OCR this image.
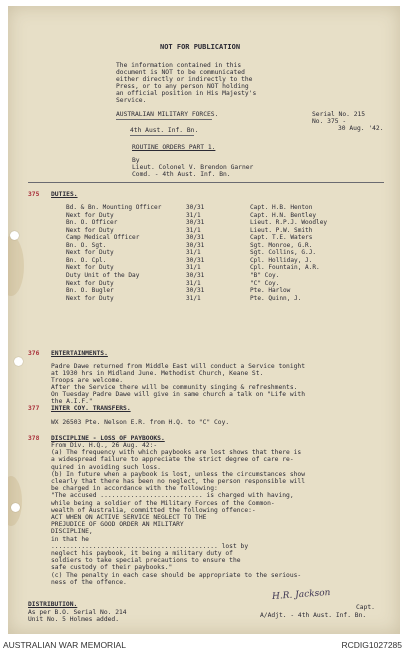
NOT FOR PUBLICATION
The information contained in this
document is NOT to be communicated
either directly or indirectly to the
Press, or to any person NOT holding
an official position in His Majesty's
Service.
AUSTRALIAN MILITARY FORCES.
4th Aust. Inf. Bn.
Serial No. 215
No. 375 -
30 Aug. '42.
ROUTINE ORDERS PART 1.
By
Lieut. Colonel V. Brendon Garner
Comd. - 4th Aust. Inf. Bn.
375 DUTIES.
376 ENTERTAINMENTS.
Padre Dawe returned from Middle East will conduct a Service tonight
at 1930 hrs in Midland June. Methodist Church, Keane St.
Troops are welcome.
After the Service there will be community singing & refreshments.
On Tuesday Padre Dawe will give in same church a talk on "Life with
the A.I.F."
377 INTER COY. TRANSFERS.
WX 26503 Pte. Nelson E.R. from H.Q. to "C" Coy.
378 DISCIPLINE - LOSS OF PAYBOOKS.
DISTRIBUTION.
As per B.O. Serial No. 214
Unit No. 5 Holmes added.
H.R. Jackson
Capt.
A/Adjt. - 4th Aust. Inf. Bn.
Bd. & Bn. Mounting Officer	30/31	Capt. H.B. Henton
Next for Duty	31/1	Capt. H.N. Bentley
Bn. O. Officer	30/31	Lieut. R.P.J. Woodley
Next for Duty	31/1	Lieut. P.W. Smith
Camp Medical Officer	30/31	Capt. T.E. Waters
Bn. O. Sgt.	30/31	Sgt. Monroe, G.R.
Next for Duty	31/1	Sgt. Collins, G.J.
Bn. O. Cpl.	30/31	Cpl. Holliday, J.
Next for Duty	31/1	Cpl. Fountain, A.R.
Duty Unit of the Day	30/31	"B" Coy.
Next for Duty	31/1	"C" Coy.
Bn. O. Bugler	30/31	Pte. Harlow
Next for Duty	31/1	Pte. Quinn, J.
From Div. H.Q., 26 Aug. 42:-
(a) The frequency with which paybooks are lost shows that there is
a widespread failure to appreciate the strict degree of care re-
quired in avoiding such loss.
(b) In future when a paybook is lost, unless the circumstances show
clearly that there has been no neglect, the person responsible will
be charged in accordance with the following:
"The accused ........................... is charged with having,
while being a soldier of the Military Forces of the Common-
wealth of Australia, committed the following offence:-
ACT WHEN ON ACTIVE SERVICE NEGLECT TO THE
PREJUDICE OF GOOD ORDER AN MILITARY
DISCIPLINE,
in that he
............................................ lost by
neglect his paybook, it being a military duty of
soldiers to take special precautions to ensure the
safe custody of their paybooks."
(c) The penalty in each case should be appropriate to the serious-
ness of the offence.
AUSTRALIAN WAR MEMORIAL	RCDIG1027285
